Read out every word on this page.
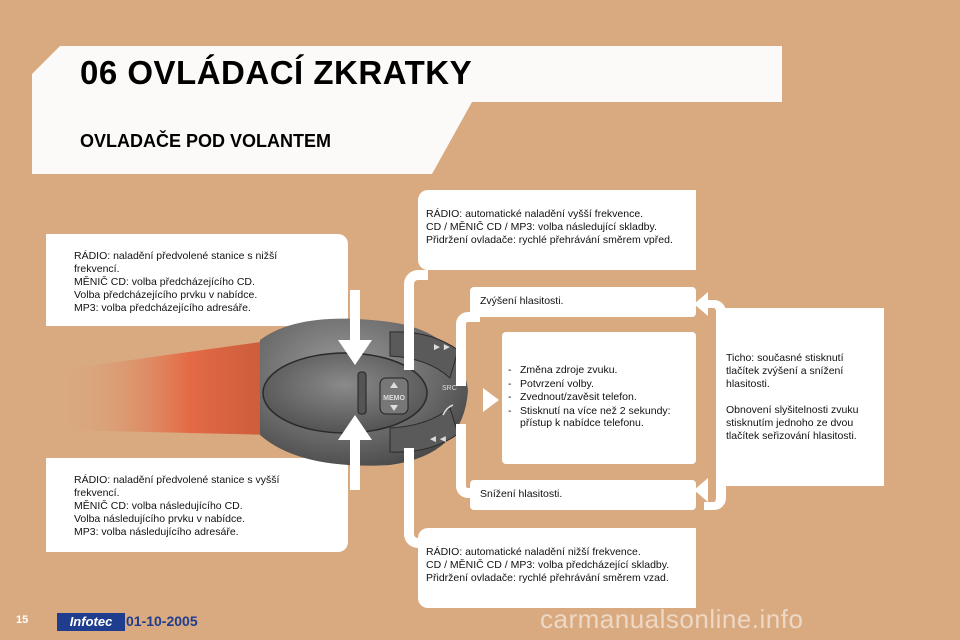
06 OVLÁDACÍ ZKRATKY
OVLADAČE POD VOLANTEM
RÁDIO: naladění předvolené stanice s nižší
frekvencí.
MĚNIČ CD: volba předcházejícího CD.
Volba předcházejícího prvku v nabídce.
MP3: volba předcházejícího adresáře.
RÁDIO: naladění předvolené stanice s vyšší
frekvencí.
MĚNIČ CD: volba následujícího CD.
Volba následujícího prvku v nabídce.
MP3: volba následujícího adresáře.
RÁDIO: automatické naladění vyšší frekvence.
CD / MĚNIČ CD / MP3: volba následující skladby.
Přidržení ovladače: rychlé přehrávání směrem vpřed.
RÁDIO: automatické naladění nižší frekvence.
CD / MĚNIČ CD / MP3: volba předcházející skladby.
Přidržení ovladače: rychlé přehrávání směrem vzad.
Zvýšení hlasitosti.
Snížení hlasitosti.
- Změna zdroje zvuku.
- Potvrzení volby.
- Zvednout/zavěsit telefon.
- Stisknutí na více než 2 sekundy: přístup k nabídce telefonu.
Ticho: současné stisknutí
tlačítek zvýšení a snížení
hlasitosti.

Obnovení slyšitelnosti zvuku
stisknutím jednoho ze dvou
tlačítek seřizování hlasitosti.
MEMO
►►
◄◄
SRC
15	Infotec 01-10-2005	carmanualsonline.info
